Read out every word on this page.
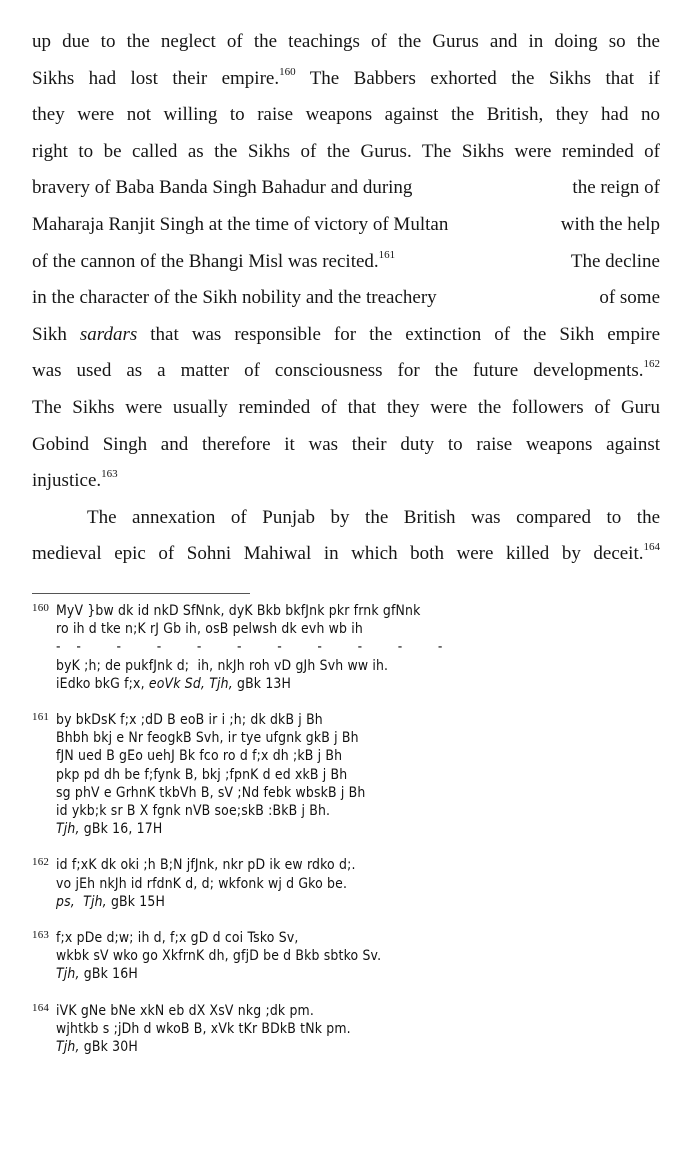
up due to the neglect of the teachings of the Gurus and in doing so the
Sikhs had lost their empire.$^{160}$ The Babbers exhorted the Sikhs that if
they were not willing to raise weapons against the British, they had no
right to be called as the Sikhs of the Gurus. The Sikhs were reminded of
bravery of Baba Banda Singh Bahadur and during	the reign of
Maharaja Ranjit Singh at the time of victory of Multan	with the help
of the cannon of the Bhangi Misl was recited.$^{161}$	The decline
in the character of the Sikh nobility and the treachery	of some
Sikh sardars that was responsible for the extinction of the Sikh empire
was used as a matter of consciousness for the future developments.$^{162}$
The Sikhs were usually reminded of that they were the followers of Guru
Gobind Singh and therefore it was their duty to raise weapons against
injustice.$^{163}$
The annexation of Punjab by the British was compared to the
medieval epic of Sohni Mahiwal in which both were killed by deceit.$^{164}$
160 MyV }bw dk id nkD SfNnk, dyK Bkb bkfJnk pkr frnk gfNnk
ro ih d tke n;K rJ Gb ih, osB pelwsh dk evh wb ih
-    -         -         -         -         -         -         -         -         -         -
byK ;h; de pukfJnk d;  ih, nkJh roh vD gJh Svh ww ih.
iEdko bkG f;x, eoVk Sd, Tjh, gBk 13H
161 by bkDsK f;x ;dD B eoB ir i ;h; dk dkB j Bh
Bhbh bkj e Nr feogkB Svh, ir tye ufgnk gkB j Bh
fJN ued B gEo uehJ Bk fco ro d f;x dh ;kB j Bh
pkp pd dh be f;fynk B, bkj ;fpnK d ed xkB j Bh
sg phV e GrhnK tkbVh B, sV ;Nd febk wbskB j Bh
id ykb;k sr B X fgnk nVB soe;skB :BkB j Bh.
Tjh, gBk 16, 17H
162 id f;xK dk oki ;h B;N jfJnk, nkr pD ik ew rdko d;.
vo jEh nkJh id rfdnK d, d; wkfonk wj d Gko be.
ps,  Tjh, gBk 15H
163 f;x pDe d;w; ih d, f;x gD d coi Tsko Sv,
wkbk sV wko go XkfrnK dh, gfjD be d Bkb sbtko Sv.
Tjh, gBk 16H
164 iVK gNe bNe xkN eb dX XsV nkg ;dk pm.
wjhtkb s ;jDh d wkoB B, xVk tKr BDkB tNk pm.
Tjh, gBk 30H
